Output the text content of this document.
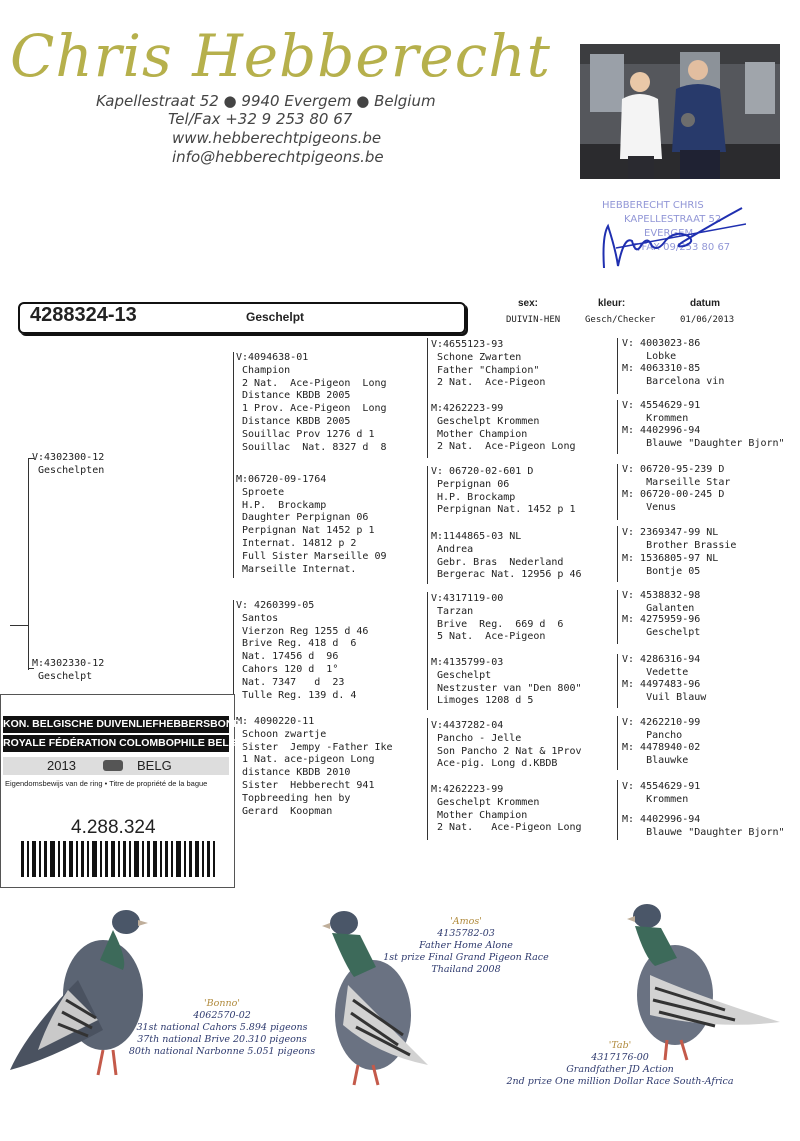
Chris Hebberecht
Kapellestraat 52 ● 9940 Evergem ● Belgium
Tel/Fax +32 9 253 80 67
www.hebberechtpigeons.be
info@hebberechtpigeons.be
HEBBERECHT CHRIS
KAPELLESTRAAT 52
EVERGEM
T/FAX 09/253 80 67
4288324-13	Geschelpt
sex:
DUIVIN-HEN
kleur:
Gesch/Checker
datum
01/06/2013
V:4302300-12
Geschelpten
M:4302330-12
Geschelpt
V:4094638-01
Champion
2 Nat.  Ace-Pigeon  Long
Distance KBDB 2005
1 Prov. Ace-Pigeon  Long
Distance KBDB 2005
Souillac Prov 1276 d 1
Souillac  Nat. 8327 d  8
M:06720-09-1764
Sproete
H.P.  Brockamp
Daughter Perpignan 06
Perpignan Nat 1452 p 1
Internat. 14812 p 2
Full Sister Marseille 09
Marseille Internat.
V: 4260399-05
Santos
Vierzon Reg 1255 d 46
Brive Reg. 418 d  6
Nat. 17456 d  96
Cahors 120 d  1°
Nat. 7347   d  23
Tulle Reg. 139 d. 4
M: 4090220-11
Schoon zwartje
Sister  Jempy -Father Ike
1 Nat. ace-pigeon Long
distance KBDB 2010
Sister  Hebberecht 941
Topbreeding hen by
Gerard  Koopman
V:4655123-93
Schone Zwarten
Father "Champion"
2 Nat.  Ace-Pigeon
M:4262223-99
Geschelpt Krommen
Mother Champion
2 Nat.  Ace-Pigeon Long
V: 06720-02-601 D
Perpignan 06
H.P. Brockamp
Perpignan Nat. 1452 p 1
M:1144865-03 NL
Andrea
Gebr. Bras  Nederland
Bergerac Nat. 12956 p 46
V:4317119-00
Tarzan
Brive  Reg.  669 d  6
5 Nat.  Ace-Pigeon
M:4135799-03
Geschelpt
Nestzuster van "Den 800"
Limoges 1208 d 5
V:4437282-04
Pancho - Jelle
Son Pancho 2 Nat & 1Prov
Ace-pig. Long d.KBDB
M:4262223-99
Geschelpt Krommen
Mother Champion
2 Nat.   Ace-Pigeon Long
V: 4003023-86
Lobke
M: 4063310-85
Barcelona vin
V: 4554629-91
Krommen
M: 4402996-94
Blauwe "Daughter Bjorn"
V: 06720-95-239 D
Marseille Star
M: 06720-00-245 D
Venus
V: 2369347-99 NL
Brother Brassie
M: 1536805-97 NL
Bontje 05
V: 4538832-98
Galanten
M: 4275959-96
Geschelpt
V: 4286316-94
Vedette
M: 4497483-96
Vuil Blauw
V: 4262210-99
Pancho
M: 4478940-02
Blauwke
V: 4554629-91
Krommen
M: 4402996-94
Blauwe "Daughter Bjorn"
KON. BELGISCHE DUIVENLIEFHEBBERSBOND
ROYALE FÉDÉRATION COLOMBOPHILE BELGE
2013	BELG
Eigendomsbewijs van de ring • Titre de propriété de la bague
4.288.324
'Bonno'
4062570-02
31st national Cahors 5.894 pigeons
37th national Brive 20.310 pigeons
80th national Narbonne 5.051 pigeons
'Amos'
4135782-03
Father Home Alone
1st prize Final Grand Pigeon Race
Thailand 2008
'Tab'
4317176-00
Grandfather JD Action
2nd prize One million Dollar Race South-Africa
